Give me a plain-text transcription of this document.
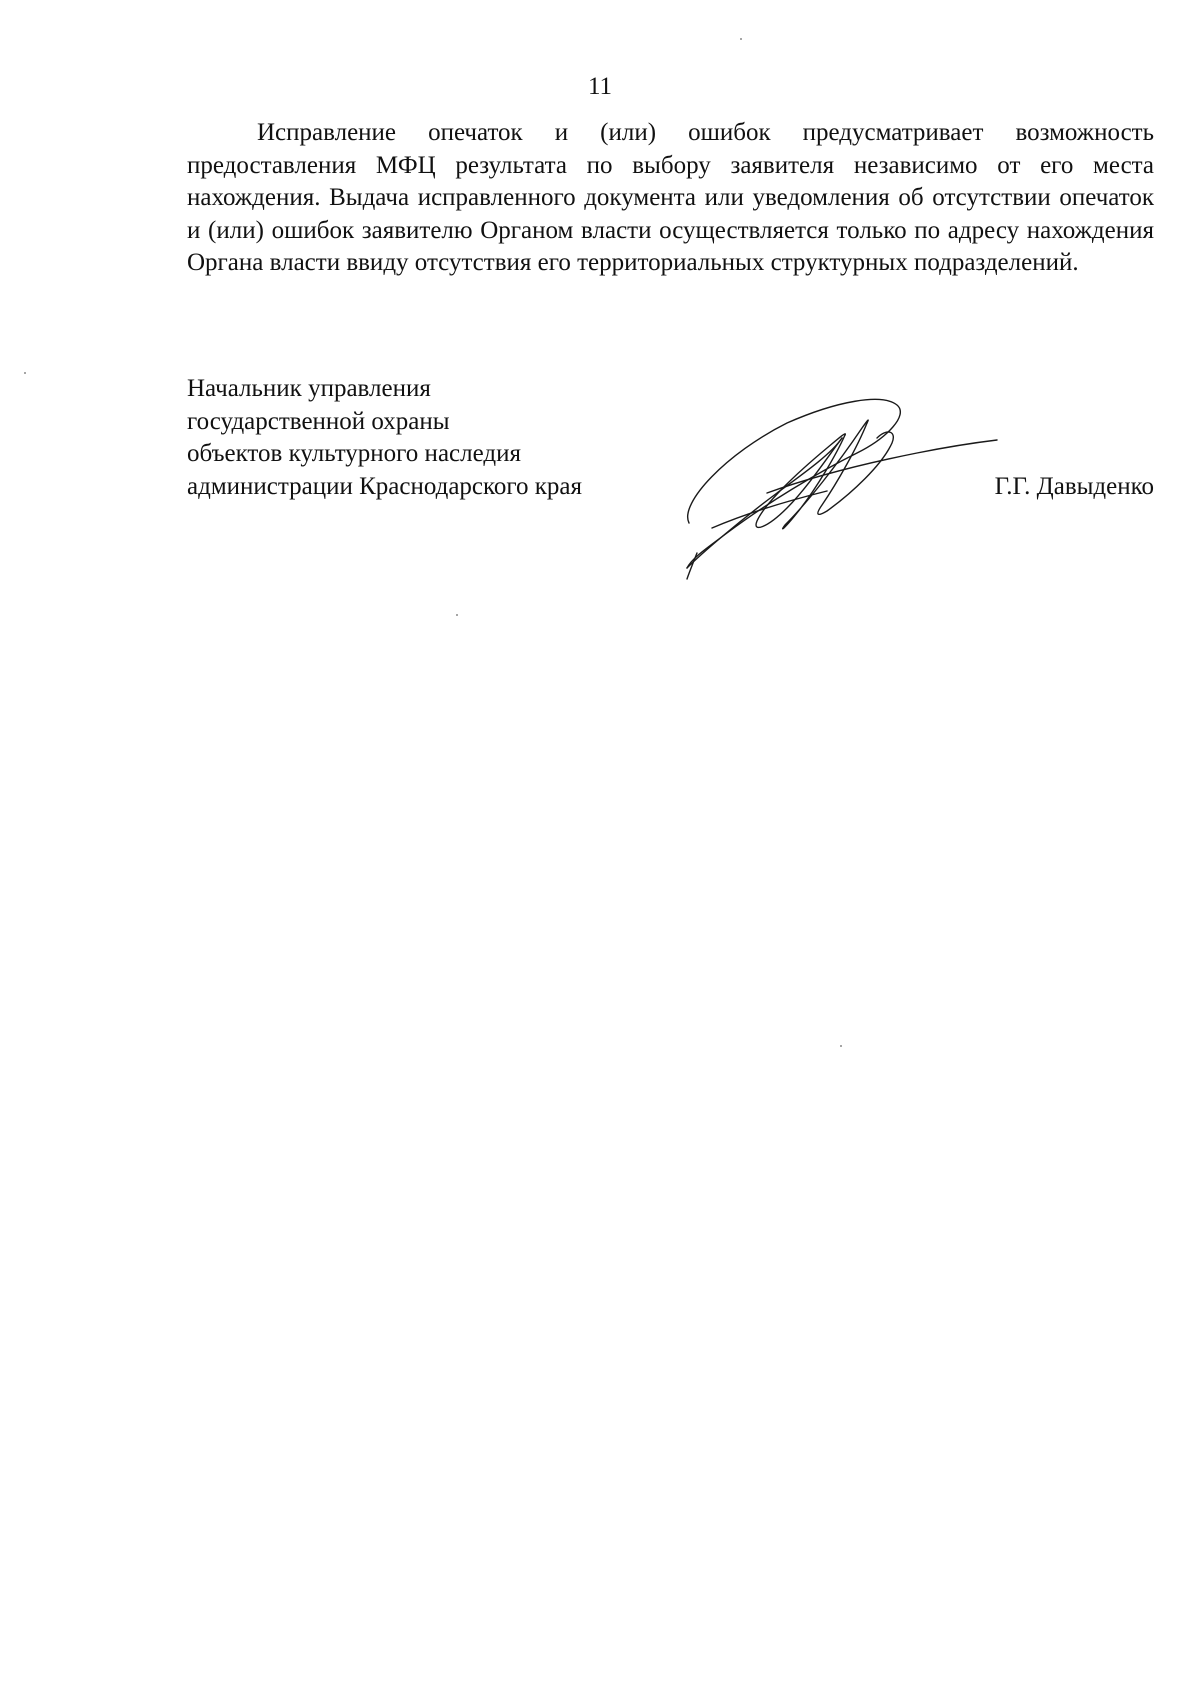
11

Исправление опечаток и (или) ошибок предусматривает возможность предоставления МФЦ результата по выбору заявителя независимо от его места нахождения. Выдача исправленного документа или уведомления об отсутствии опечаток и (или) ошибок заявителю Органом власти осуществляется только по адресу нахождения Органа власти ввиду отсутствия его территориальных структурных подразделений.

Начальник управления
государственной охраны
объектов культурного наследия
администрации Краснодарского края	Г.Г. Давыденко
